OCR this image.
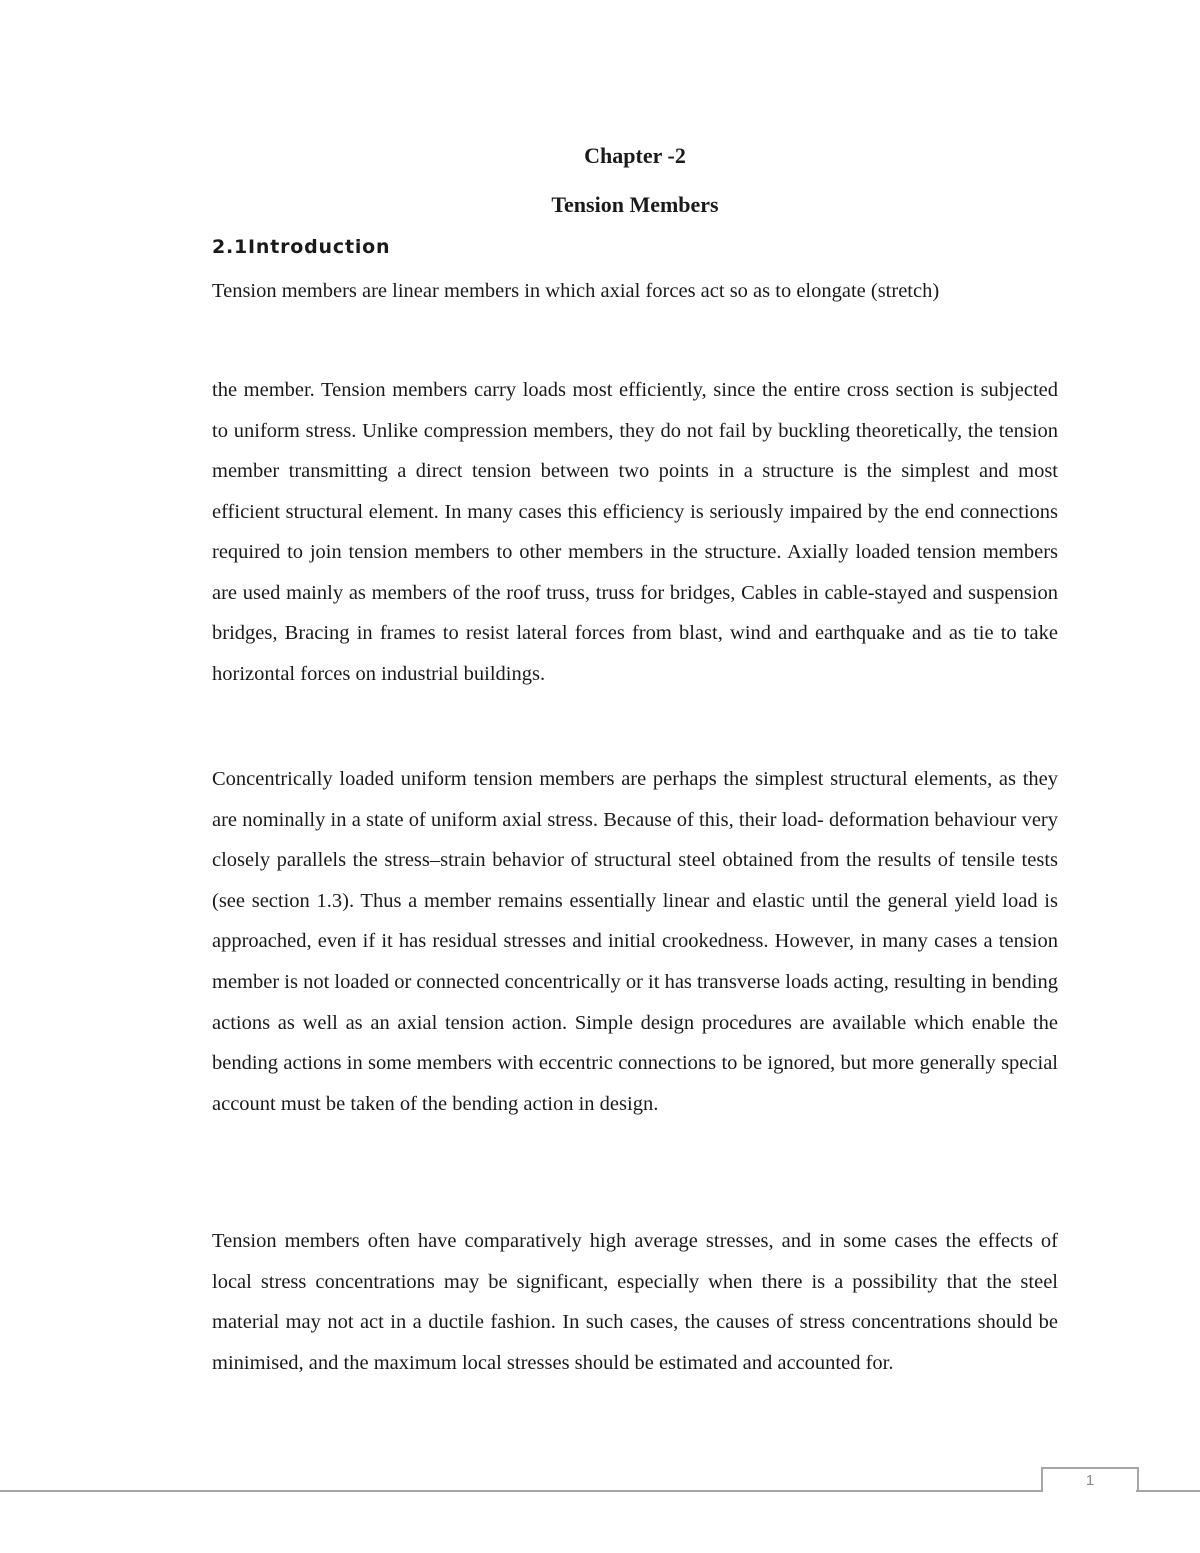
Chapter -2
Tension Members
2.1Introduction

Tension members are linear members in which axial forces act so as to elongate (stretch)

the member. Tension members carry loads most efficiently, since the entire cross section is subjected to uniform stress. Unlike compression members, they do not fail by buckling theoretically, the tension member transmitting a direct tension between two points in a structure is the simplest and most efficient structural element. In many cases this efficiency is seriously impaired by the end connections required to join tension members to other members in the structure. Axially loaded tension members are used mainly as members of the roof truss, truss for bridges, Cables in cable-stayed and suspension bridges, Bracing in frames to resist lateral forces from blast, wind and earthquake and as tie to take horizontal forces on industrial buildings.

Concentrically loaded uniform tension members are perhaps the simplest structural elements, as they are nominally in a state of uniform axial stress. Because of this, their load- deformation behaviour very closely parallels the stress–strain behavior of structural steel obtained from the results of tensile tests (see section 1.3). Thus a member remains essentially linear and elastic until the general yield load is approached, even if it has residual stresses and initial crookedness. However, in many cases a tension member is not loaded or connected concentrically or it has transverse loads acting, resulting in bending actions as well as an axial tension action. Simple design procedures are available which enable the bending actions in some members with eccentric connections to be ignored, but more generally special account must be taken of the bending action in design.

Tension members often have comparatively high average stresses, and in some cases the effects of local stress concentrations may be significant, especially when there is a possibility that the steel material may not act in a ductile fashion. In such cases, the causes of stress concentrations should be minimised, and the maximum local stresses should be estimated and accounted for.

1
